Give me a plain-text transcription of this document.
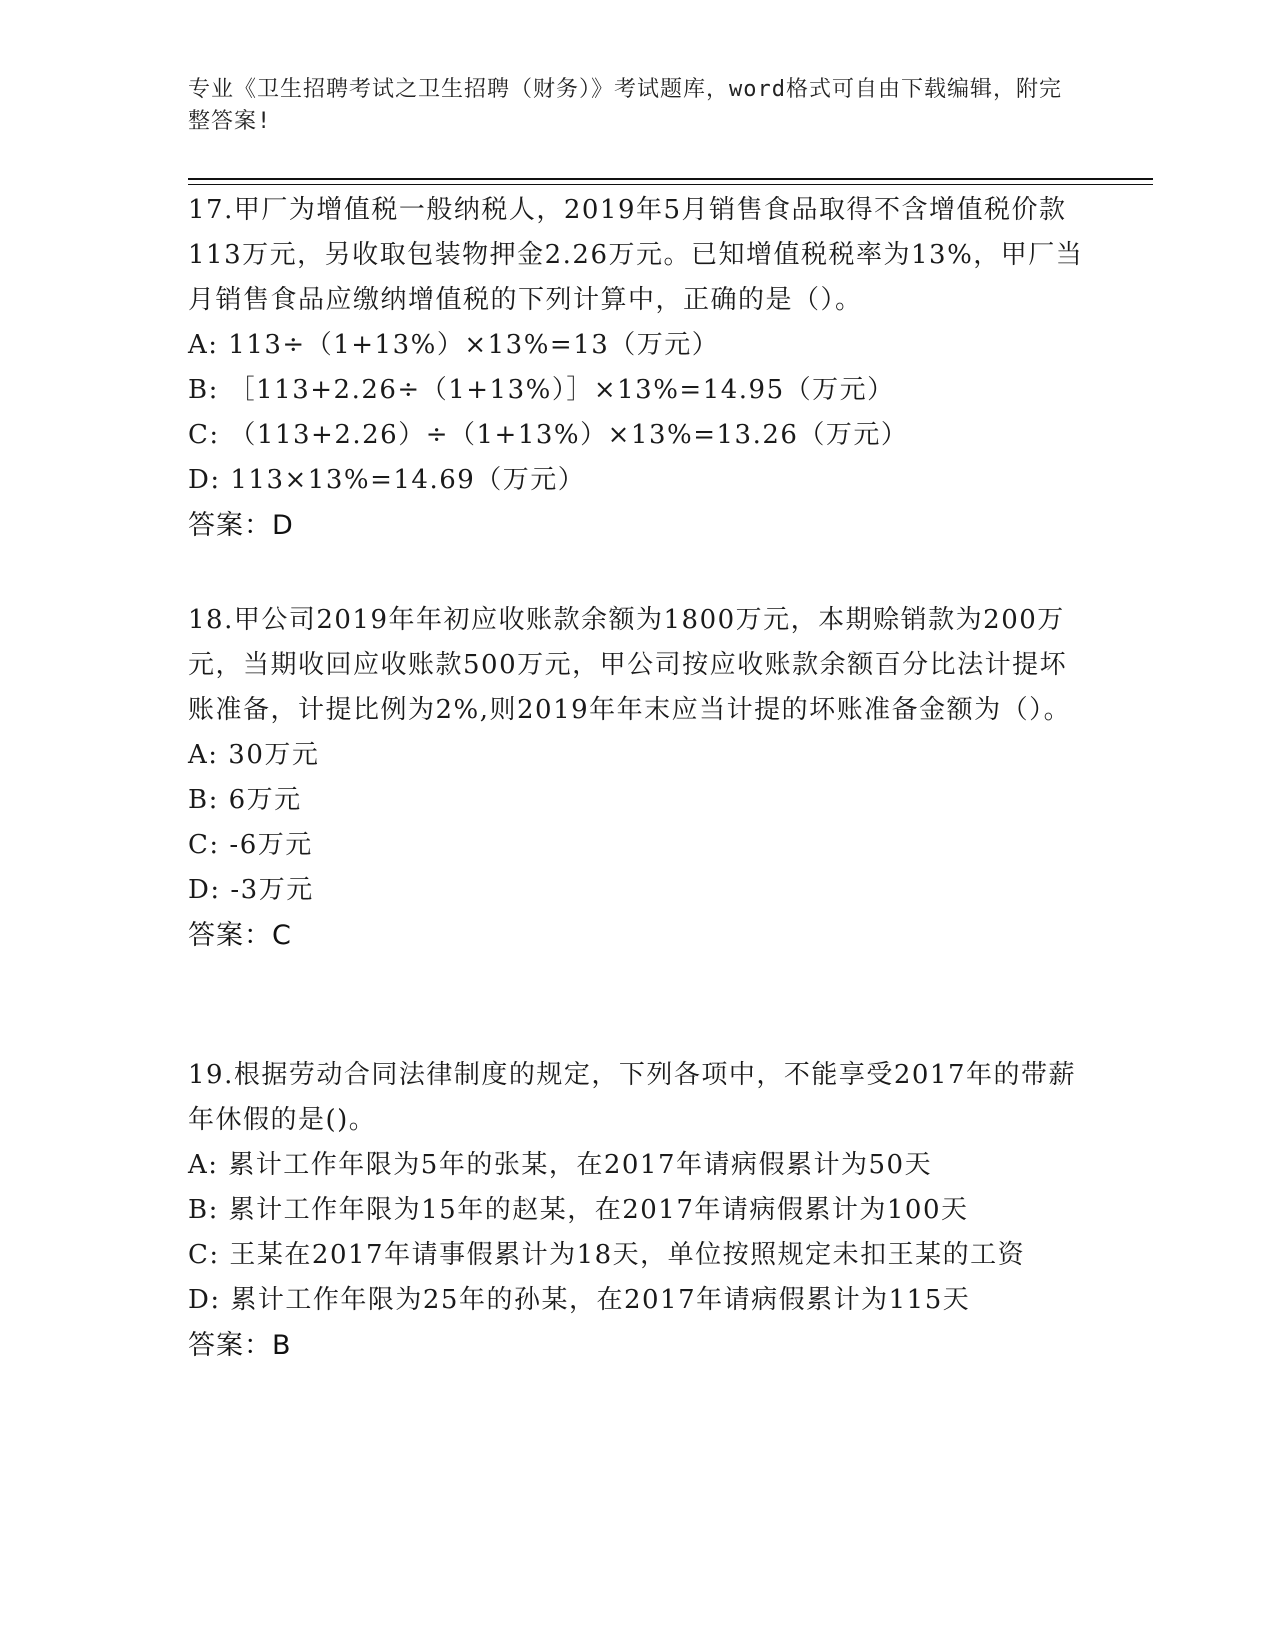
专业《卫生招聘考试之卫生招聘（财务）》考试题库，word格式可自由下载编辑，附完整答案!

17.甲厂为增值税一般纳税人，2019年5月销售食品取得不含增值税价款113万元，另收取包装物押金2.26万元。已知增值税税率为13%，甲厂当月销售食品应缴纳增值税的下列计算中，正确的是（）。

A: 113÷（1+13%）×13%=13（万元）

B: ［113+2.26÷（1+13%）］×13%=14.95（万元）

C: （113+2.26）÷（1+13%）×13%=13.26（万元）

D: 113×13%=14.69（万元）

答案：D

18.甲公司2019年年初应收账款余额为1800万元，本期赊销款为200万元，当期收回应收账款500万元，甲公司按应收账款余额百分比法计提坏账准备，计提比例为2%,则2019年年末应当计提的坏账准备金额为（）。

A: 30万元

B: 6万元

C: -6万元

D: -3万元

答案：C

19.根据劳动合同法律制度的规定，下列各项中，不能享受2017年的带薪年休假的是()。

A: 累计工作年限为5年的张某，在2017年请病假累计为50天

B: 累计工作年限为15年的赵某，在2017年请病假累计为100天

C: 王某在2017年请事假累计为18天，单位按照规定未扣王某的工资

D: 累计工作年限为25年的孙某，在2017年请病假累计为115天

答案：B
